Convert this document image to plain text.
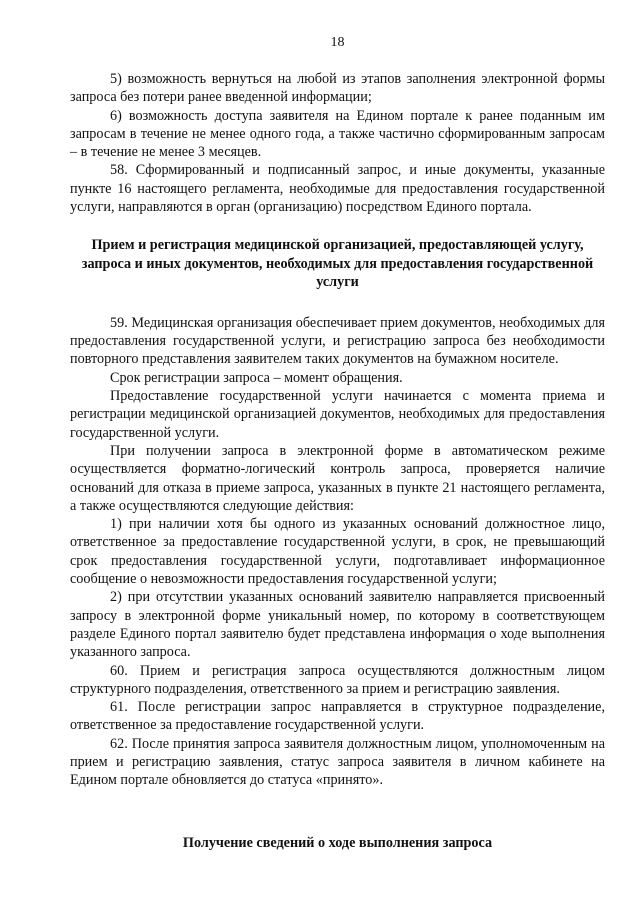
18

5) возможность вернуться на любой из этапов заполнения электронной формы запроса без потери ранее введенной информации;

6) возможность доступа заявителя на Едином портале к ранее поданным им запросам в течение не менее одного года, а также частично сформированным запросам – в течение не менее 3 месяцев.

58. Сформированный и подписанный запрос, и иные документы, указанные пункте 16 настоящего регламента, необходимые для предоставления государственной услуги, направляются в орган (организацию) посредством Единого портала.

Прием и регистрация медицинской организацией, предоставляющей услугу, запроса и иных документов, необходимых для предоставления государственной услуги

59. Медицинская организация обеспечивает прием документов, необходимых для предоставления государственной услуги, и регистрацию запроса без необходимости повторного представления заявителем таких документов на бумажном носителе.

Срок регистрации запроса – момент обращения.

Предоставление государственной услуги начинается с момента приема и регистрации медицинской организацией документов, необходимых для предоставления государственной услуги.

При получении запроса в электронной форме в автоматическом режиме осуществляется форматно-логический контроль запроса, проверяется наличие оснований для отказа в приеме запроса, указанных в пункте 21 настоящего регламента, а также осуществляются следующие действия:

1) при наличии хотя бы одного из указанных оснований должностное лицо, ответственное за предоставление государственной услуги, в срок, не превышающий срок предоставления государственной услуги, подготавливает информационное сообщение о невозможности предоставления государственной услуги;

2) при отсутствии указанных оснований заявителю направляется присвоенный запросу в электронной форме уникальный номер, по которому в соответствующем разделе Единого портал заявителю будет представлена информация о ходе выполнения указанного запроса.

60. Прием и регистрация запроса осуществляются должностным лицом структурного подразделения, ответственного за прием и регистрацию заявления.

61. После регистрации запрос направляется в структурное подразделение, ответственное за предоставление государственной услуги.

62. После принятия запроса заявителя должностным лицом, уполномоченным на прием и регистрацию заявления, статус запроса заявителя в личном кабинете на Едином портале обновляется до статуса «принято».

Получение сведений о ходе выполнения запроса
